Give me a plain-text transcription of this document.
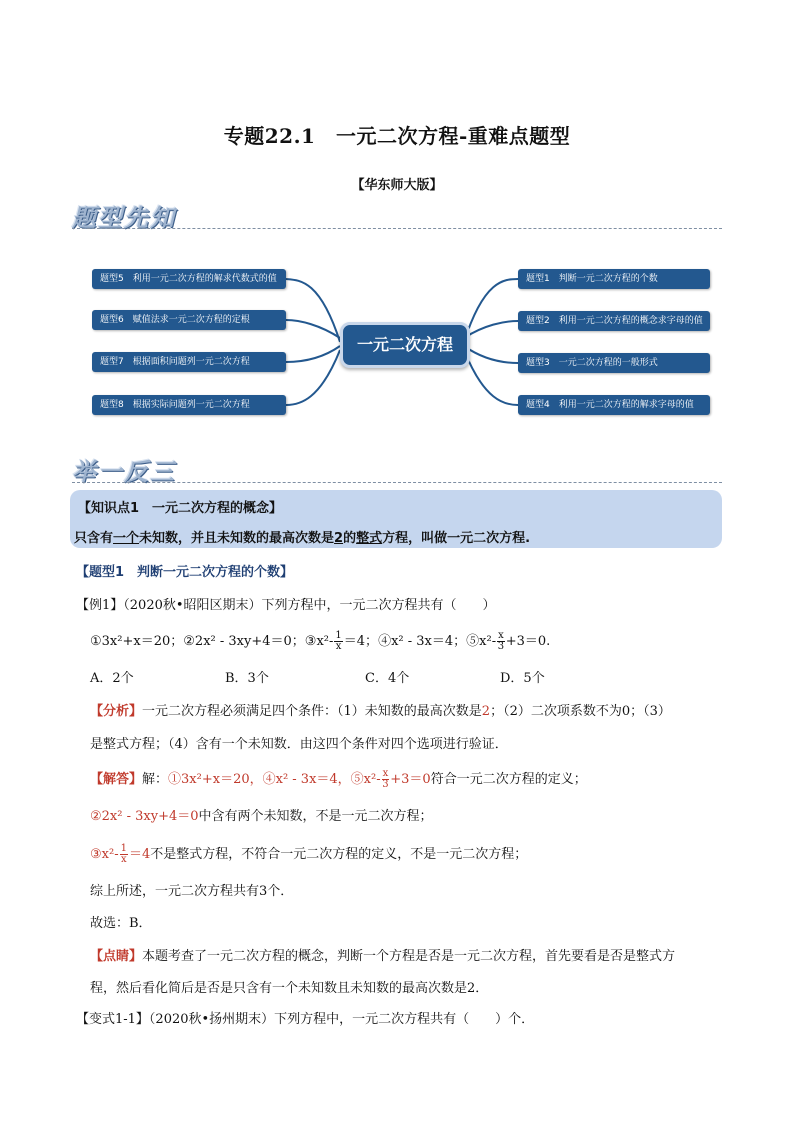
专题22.1　一元二次方程-重难点题型
【华东师大版】
题型先知
一元二次方程
题型5　利用一元二次方程的解求代数式的值
题型6　赋值法求一元二次方程的定根
题型7　根据面积问题列一元二次方程
题型8　根据实际问题列一元二次方程
题型1　判断一元二次方程的个数
题型2　利用一元二次方程的概念求字母的值
题型3　一元二次方程的一般形式
题型4　利用一元二次方程的解求字母的值
举一反三
【知识点1　一元二次方程的概念】
只含有一个未知数，并且未知数的最高次数是2的整式方程，叫做一元二次方程.
【题型1　判断一元二次方程的个数】
【例1】（2020秋•昭阳区期末）下列方程中，一元二次方程共有（　　）
①3x²+x＝20；②2x² - 3xy+4＝0；③x²- $\frac{1}{x} =4$；④x² - 3x＝4；⑤x²- $\frac{x}{3} +3=0$.
A．2个	B．3个	C．4个	D．5个
【分析】一元二次方程必须满足四个条件：（1）未知数的最高次数是2；（2）二次项系数不为0；（3）
是整式方程；（4）含有一个未知数．由这四个条件对四个选项进行验证．
【解答】解：①3x²+x＝20，④x² - 3x＝4，⑤x²- $\frac{x}{3} +3=0$符合一元二次方程的定义；
②2x² - 3xy+4＝0中含有两个未知数，不是一元二次方程；
③x²- $\frac{1}{x} =4$不是整式方程，不符合一元二次方程的定义，不是一元二次方程；
综上所述，一元二次方程共有3个．
故选：B．
【点睛】本题考查了一元二次方程的概念，判断一个方程是否是一元二次方程，首先要看是否是整式方
程，然后看化简后是否是只含有一个未知数且未知数的最高次数是2．
【变式1-1】（2020秋•扬州期末）下列方程中，一元二次方程共有（　　）个．
